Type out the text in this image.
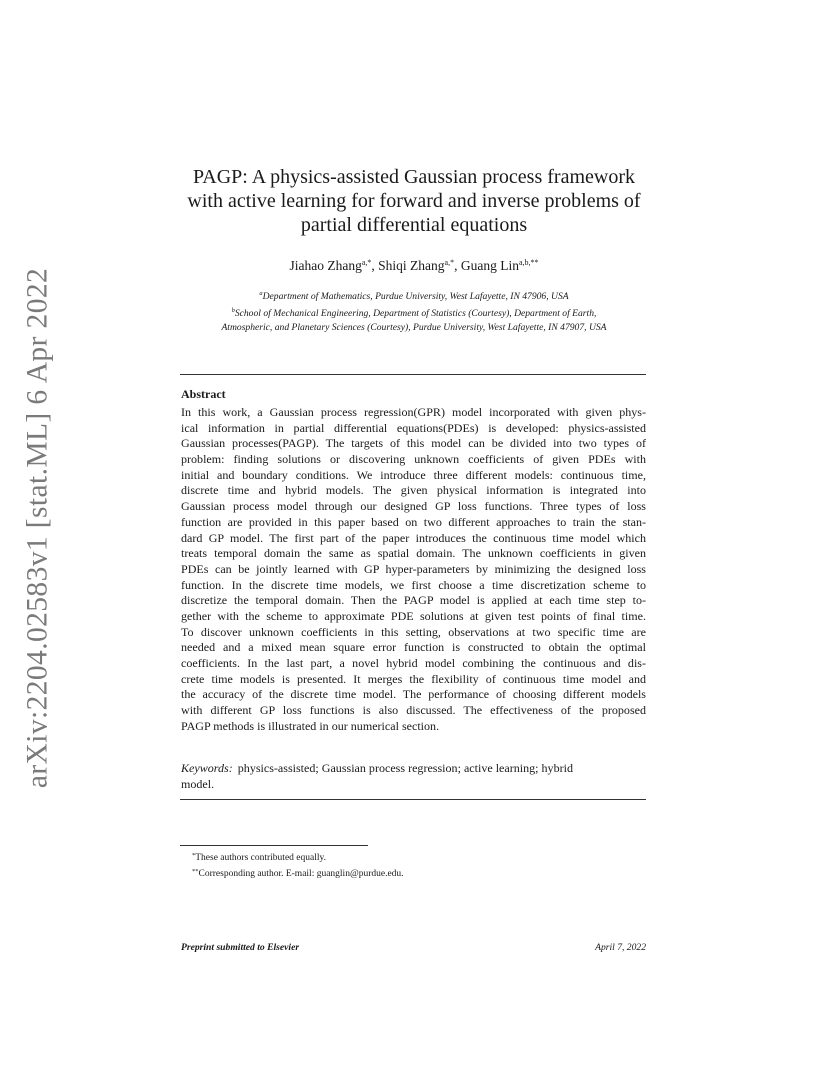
arXiv:2204.02583v1 [stat.ML] 6 Apr 2022
PAGP: A physics-assisted Gaussian process framework
with active learning for forward and inverse problems of
partial differential equations
Jiahao Zhang$^{a,*}$, Shiqi Zhang$^{a,*}$, Guang Lin$^{a,b,**}$
$^a$Department of Mathematics, Purdue University, West Lafayette, IN 47906, USA
$^b$School of Mechanical Engineering, Department of Statistics (Courtesy), Department of Earth,
Atmospheric, and Planetary Sciences (Courtesy), Purdue University, West Lafayette, IN 47907, USA
Abstract
In this work, a Gaussian process regression(GPR) model incorporated with given phys-
ical information in partial differential equations(PDEs) is developed: physics-assisted
Gaussian processes(PAGP). The targets of this model can be divided into two types of
problem: finding solutions or discovering unknown coefficients of given PDEs with
initial and boundary conditions. We introduce three different models: continuous time,
discrete time and hybrid models. The given physical information is integrated into
Gaussian process model through our designed GP loss functions. Three types of loss
function are provided in this paper based on two different approaches to train the stan-
dard GP model. The first part of the paper introduces the continuous time model which
treats temporal domain the same as spatial domain. The unknown coefficients in given
PDEs can be jointly learned with GP hyper-parameters by minimizing the designed loss
function. In the discrete time models, we first choose a time discretization scheme to
discretize the temporal domain. Then the PAGP model is applied at each time step to-
gether with the scheme to approximate PDE solutions at given test points of final time.
To discover unknown coefficients in this setting, observations at two specific time are
needed and a mixed mean square error function is constructed to obtain the optimal
coefficients. In the last part, a novel hybrid model combining the continuous and dis-
crete time models is presented. It merges the flexibility of continuous time model and
the accuracy of the discrete time model. The performance of choosing different models
with different GP loss functions is also discussed. The effectiveness of the proposed
PAGP methods is illustrated in our numerical section.
Keywords: physics-assisted; Gaussian process regression; active learning; hybrid
model.
*These authors contributed equally.
**Corresponding author. E-mail: guanglin@purdue.edu.
Preprint submitted to Elsevier	April 7, 2022
